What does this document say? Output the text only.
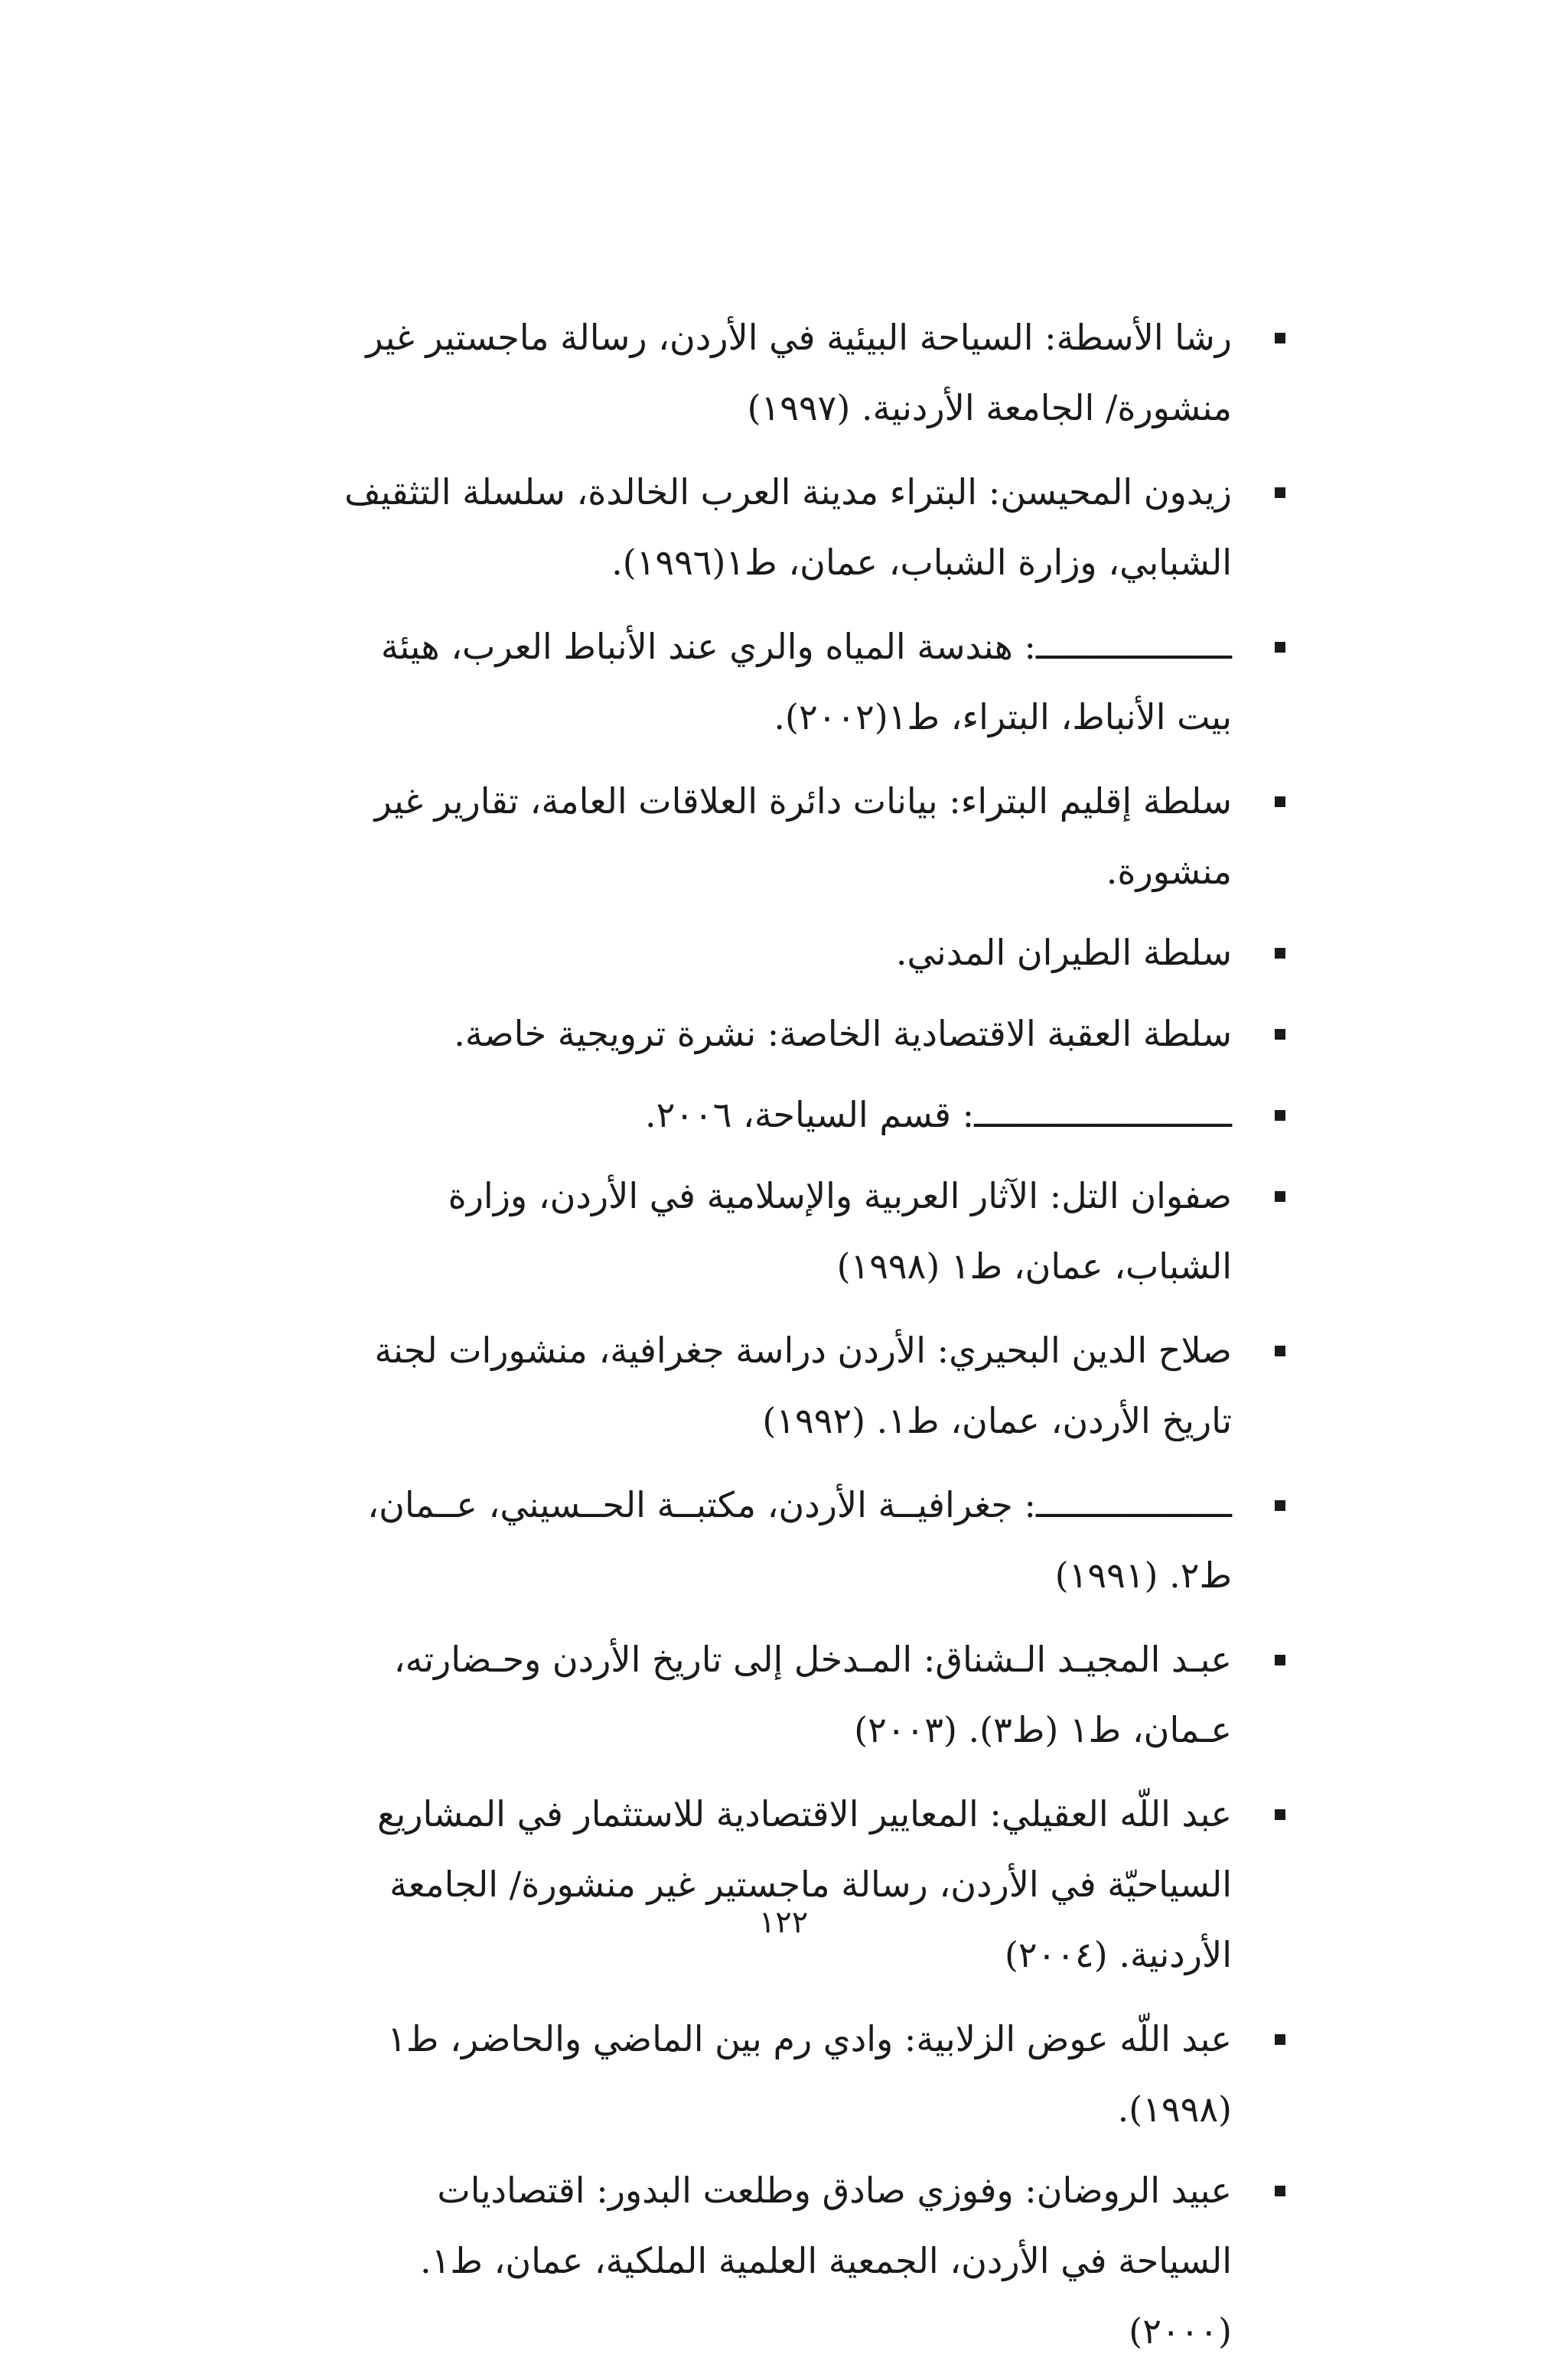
رشا الأسطة: السياحة البيئية في الأردن، رسالة ماجستير غير منشورة/ الجامعة الأردنية. (١٩٩٧)
زيدون المحيسن: البتراء مدينة العرب الخالدة، سلسلة التثقيف الشبابي، وزارة الشباب، عمان، ط١(١٩٩٦).
ـــــــــــــــــــ: هندسة المياه والري عند الأنباط العرب، هيئة بيت الأنباط، البتراء، ط١(٢٠٠٢).
سلطة إقليم البتراء: بيانات دائرة العلاقات العامة، تقارير غير منشورة.
سلطة الطيران المدني.
سلطة العقبة الاقتصادية الخاصة: نشرة ترويجية خاصة.
ـــــــــــــــــــــــــ: قسم السياحة، ٢٠٠٦.
صفوان التل: الآثار العربية والإسلامية في الأردن، وزارة الشباب، عمان، ط١ (١٩٩٨)
صلاح الدين البحيري: الأردن دراسة جغرافية، منشورات لجنة تاريخ الأردن، عمان، ط١. (١٩٩٢)
ـــــــــــــــــــ: جغرافيــة الأردن، مكتبــة الحــسيني، عــمان، ط٢. (١٩٩١)
عبـد المجيـد الـشناق: المـدخل إلى تاريخ الأردن وحـضارته، عـمان، ط١ (ط٣). (٢٠٠٣)
عبد اللّه العقيلي: المعايير الاقتصادية للاستثمار في المشاريع السياحيّة في الأردن، رسالة ماجستير غير منشورة/ الجامعة الأردنية. (٢٠٠٤)
عبد اللّه عوض الزلابية: وادي رم بين الماضي والحاضر، ط١ (١٩٩٨).
عبيد الروضان: وفوزي صادق وطلعت البدور: اقتصاديات السياحة في الأردن، الجمعية العلمية الملكية، عمان، ط١. (٢٠٠٠)
١٢٢
